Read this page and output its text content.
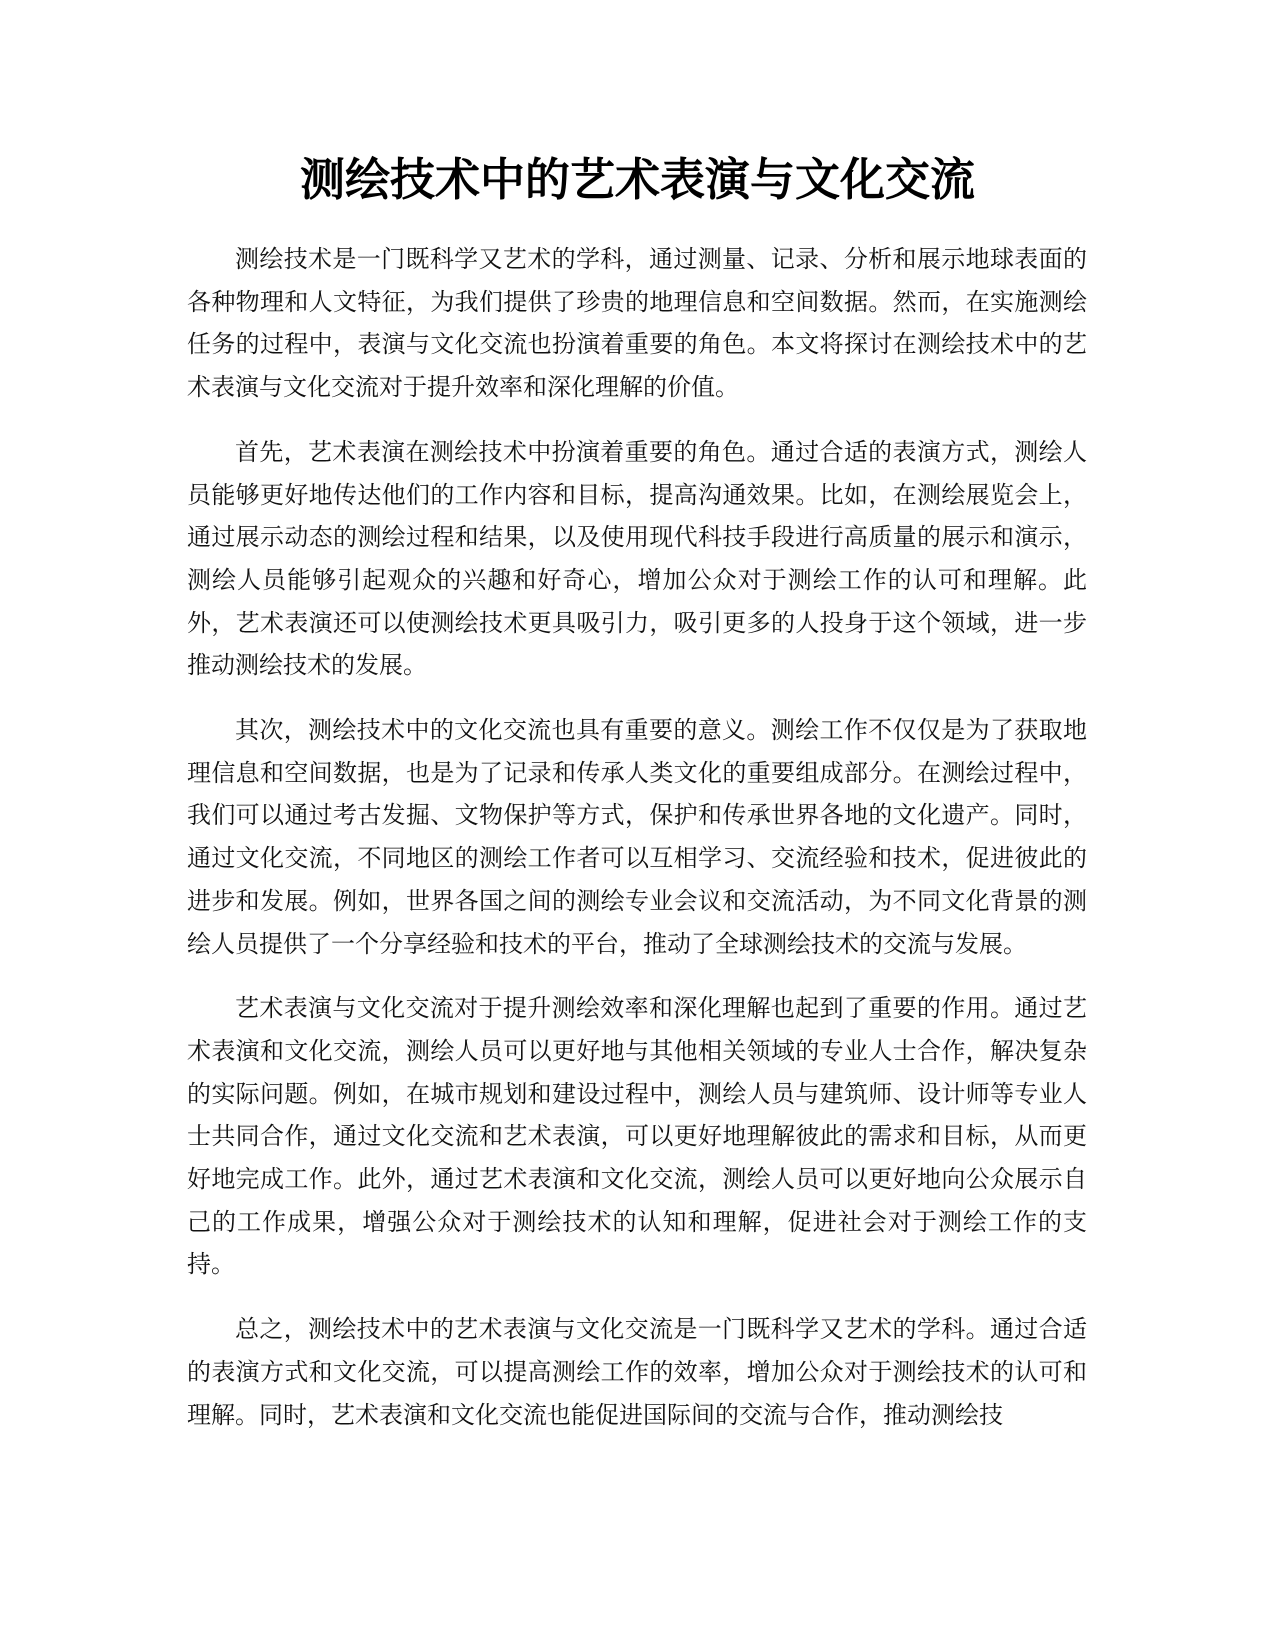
测绘技术中的艺术表演与文化交流

测绘技术是一门既科学又艺术的学科，通过测量、记录、分析和展示地球表面的各种物理和人文特征，为我们提供了珍贵的地理信息和空间数据。然而，在实施测绘任务的过程中，表演与文化交流也扮演着重要的角色。本文将探讨在测绘技术中的艺术表演与文化交流对于提升效率和深化理解的价值。

首先，艺术表演在测绘技术中扮演着重要的角色。通过合适的表演方式，测绘人员能够更好地传达他们的工作内容和目标，提高沟通效果。比如，在测绘展览会上，通过展示动态的测绘过程和结果，以及使用现代科技手段进行高质量的展示和演示，测绘人员能够引起观众的兴趣和好奇心，增加公众对于测绘工作的认可和理解。此外，艺术表演还可以使测绘技术更具吸引力，吸引更多的人投身于这个领域，进一步推动测绘技术的发展。

其次，测绘技术中的文化交流也具有重要的意义。测绘工作不仅仅是为了获取地理信息和空间数据，也是为了记录和传承人类文化的重要组成部分。在测绘过程中，我们可以通过考古发掘、文物保护等方式，保护和传承世界各地的文化遗产。同时，通过文化交流，不同地区的测绘工作者可以互相学习、交流经验和技术，促进彼此的进步和发展。例如，世界各国之间的测绘专业会议和交流活动，为不同文化背景的测绘人员提供了一个分享经验和技术的平台，推动了全球测绘技术的交流与发展。

艺术表演与文化交流对于提升测绘效率和深化理解也起到了重要的作用。通过艺术表演和文化交流，测绘人员可以更好地与其他相关领域的专业人士合作，解决复杂的实际问题。例如，在城市规划和建设过程中，测绘人员与建筑师、设计师等专业人士共同合作，通过文化交流和艺术表演，可以更好地理解彼此的需求和目标，从而更好地完成工作。此外，通过艺术表演和文化交流，测绘人员可以更好地向公众展示自己的工作成果，增强公众对于测绘技术的认知和理解，促进社会对于测绘工作的支持。

总之，测绘技术中的艺术表演与文化交流是一门既科学又艺术的学科。通过合适的表演方式和文化交流，可以提高测绘工作的效率，增加公众对于测绘技术的认可和理解。同时，艺术表演和文化交流也能促进国际间的交流与合作，推动测绘技
